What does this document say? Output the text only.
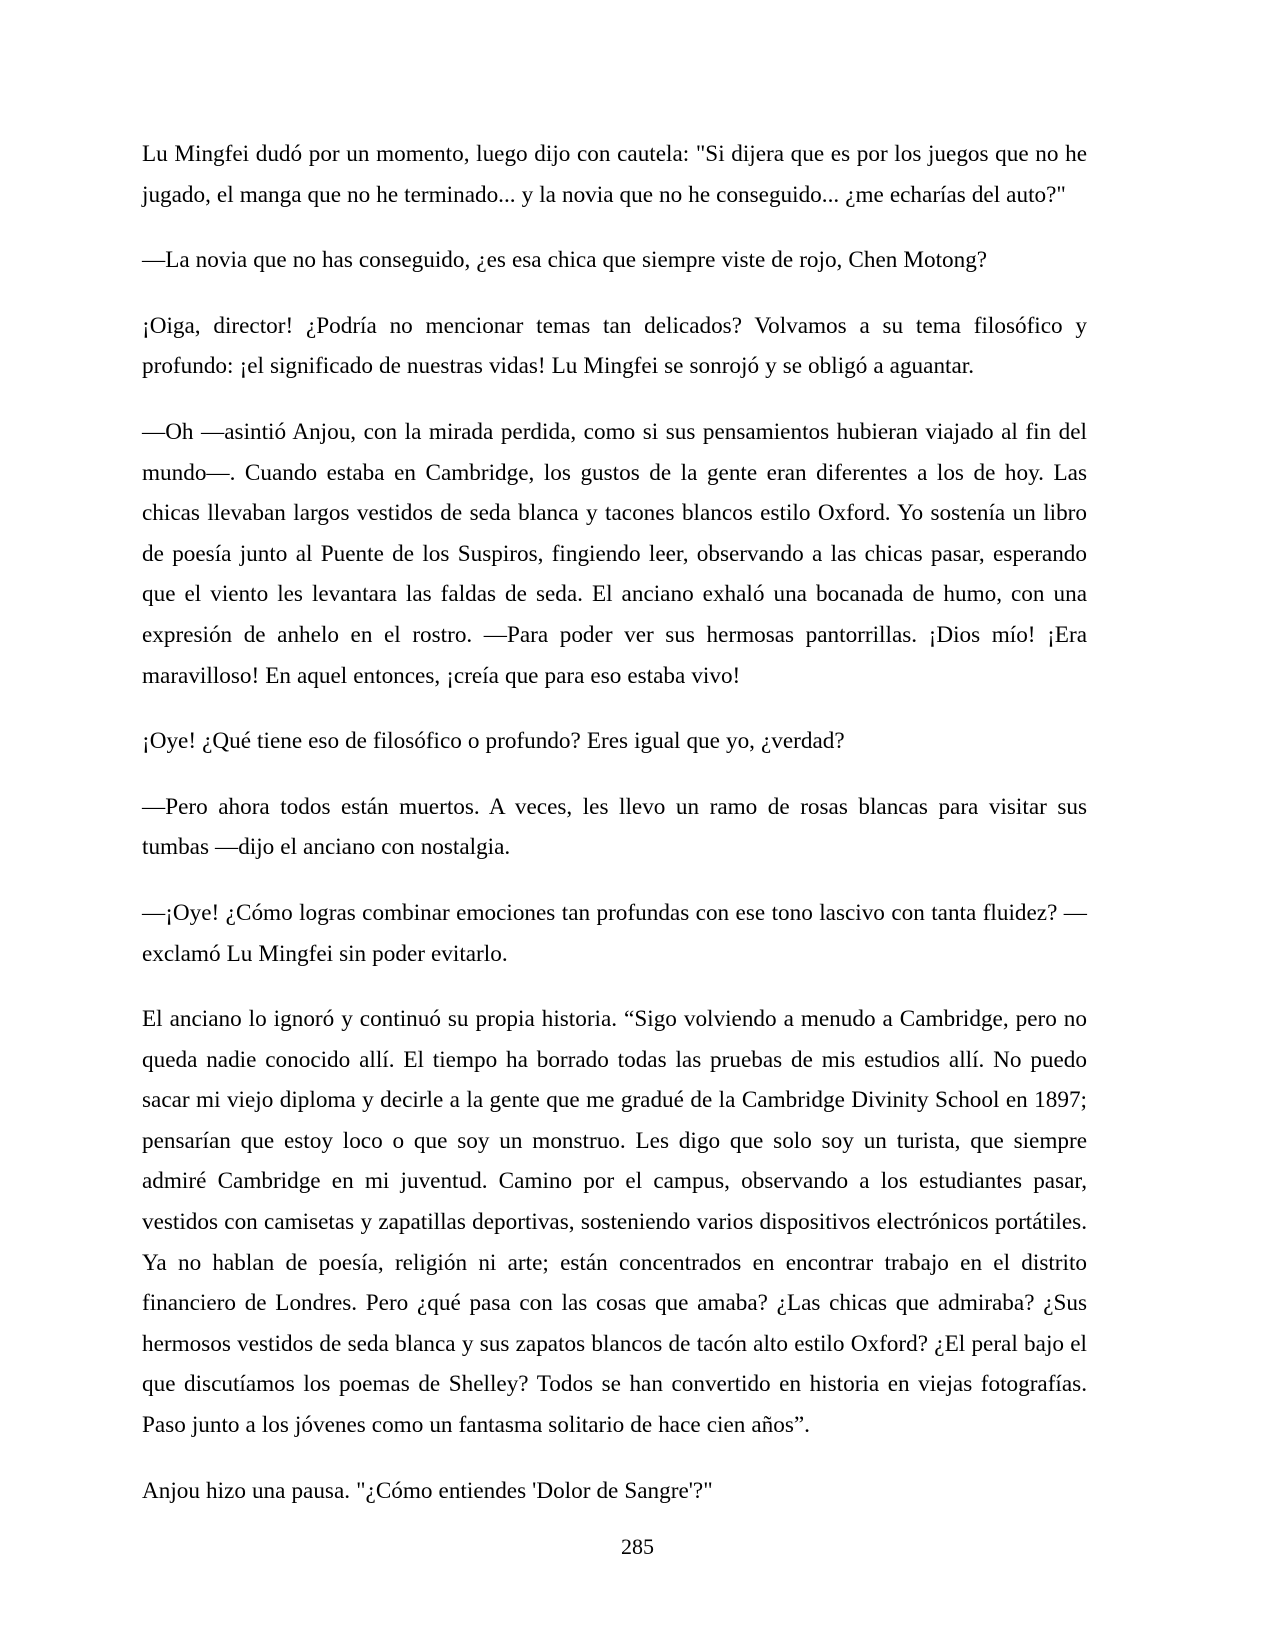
Lu Mingfei dudó por un momento, luego dijo con cautela: "Si dijera que es por los juegos que no he jugado, el manga que no he terminado... y la novia que no he conseguido... ¿me echarías del auto?"

—La novia que no has conseguido, ¿es esa chica que siempre viste de rojo, Chen Motong?

¡Oiga, director! ¿Podría no mencionar temas tan delicados? Volvamos a su tema filosófico y profundo: ¡el significado de nuestras vidas! Lu Mingfei se sonrojó y se obligó a aguantar.

—Oh —asintió Anjou, con la mirada perdida, como si sus pensamientos hubieran viajado al fin del mundo—. Cuando estaba en Cambridge, los gustos de la gente eran diferentes a los de hoy. Las chicas llevaban largos vestidos de seda blanca y tacones blancos estilo Oxford. Yo sostenía un libro de poesía junto al Puente de los Suspiros, fingiendo leer, observando a las chicas pasar, esperando que el viento les levantara las faldas de seda. El anciano exhaló una bocanada de humo, con una expresión de anhelo en el rostro. —Para poder ver sus hermosas pantorrillas. ¡Dios mío! ¡Era maravilloso! En aquel entonces, ¡creía que para eso estaba vivo!

¡Oye! ¿Qué tiene eso de filosófico o profundo? Eres igual que yo, ¿verdad?

—Pero ahora todos están muertos. A veces, les llevo un ramo de rosas blancas para visitar sus tumbas —dijo el anciano con nostalgia.

—¡Oye! ¿Cómo logras combinar emociones tan profundas con ese tono lascivo con tanta fluidez? —exclamó Lu Mingfei sin poder evitarlo.

El anciano lo ignoró y continuó su propia historia. “Sigo volviendo a menudo a Cambridge, pero no queda nadie conocido allí. El tiempo ha borrado todas las pruebas de mis estudios allí. No puedo sacar mi viejo diploma y decirle a la gente que me gradué de la Cambridge Divinity School en 1897; pensarían que estoy loco o que soy un monstruo. Les digo que solo soy un turista, que siempre admiré Cambridge en mi juventud. Camino por el campus, observando a los estudiantes pasar, vestidos con camisetas y zapatillas deportivas, sosteniendo varios dispositivos electrónicos portátiles. Ya no hablan de poesía, religión ni arte; están concentrados en encontrar trabajo en el distrito financiero de Londres. Pero ¿qué pasa con las cosas que amaba? ¿Las chicas que admiraba? ¿Sus hermosos vestidos de seda blanca y sus zapatos blancos de tacón alto estilo Oxford? ¿El peral bajo el que discutíamos los poemas de Shelley? Todos se han convertido en historia en viejas fotografías. Paso junto a los jóvenes como un fantasma solitario de hace cien años”.

Anjou hizo una pausa. "¿Cómo entiendes 'Dolor de Sangre'?"

285
